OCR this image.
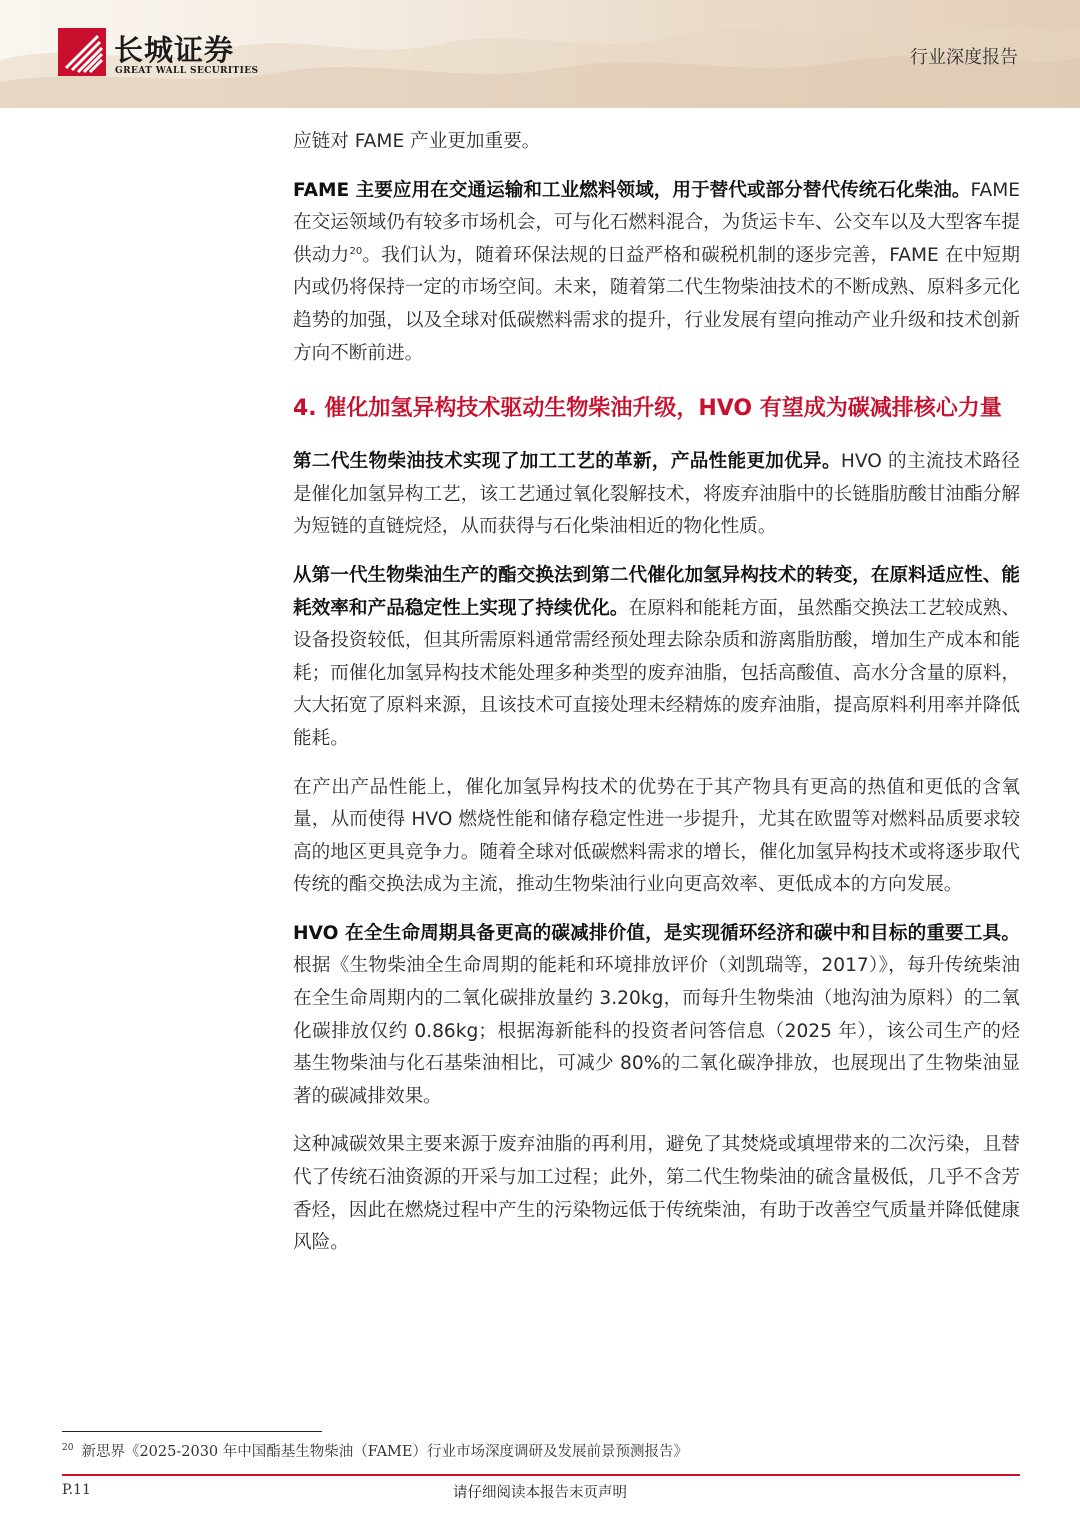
长城证券
GREAT WALL SECURITIES
行业深度报告

应链对 FAME 产业更加重要。

FAME 主要应用在交通运输和工业燃料领域，用于替代或部分替代传统石化柴油。FAME 在交运领域仍有较多市场机会，可与化石燃料混合，为货运卡车、公交车以及大型客车提供动力$^{20}$。我们认为，随着环保法规的日益严格和碳税机制的逐步完善，FAME 在中短期内或仍将保持一定的市场空间。未来，随着第二代生物柴油技术的不断成熟、原料多元化趋势的加强，以及全球对低碳燃料需求的提升，行业发展有望向推动产业升级和技术创新方向不断前进。

4. 催化加氢异构技术驱动生物柴油升级，HVO 有望成为碳减排核心力量

第二代生物柴油技术实现了加工工艺的革新，产品性能更加优异。HVO 的主流技术路径是催化加氢异构工艺，该工艺通过氧化裂解技术，将废弃油脂中的长链脂肪酸甘油酯分解为短链的直链烷烃，从而获得与石化柴油相近的物化性质。

从第一代生物柴油生产的酯交换法到第二代催化加氢异构技术的转变，在原料适应性、能耗效率和产品稳定性上实现了持续优化。在原料和能耗方面，虽然酯交换法工艺较成熟、设备投资较低，但其所需原料通常需经预处理去除杂质和游离脂肪酸，增加生产成本和能耗；而催化加氢异构技术能处理多种类型的废弃油脂，包括高酸值、高水分含量的原料，大大拓宽了原料来源，且该技术可直接处理未经精炼的废弃油脂，提高原料利用率并降低能耗。

在产出产品性能上，催化加氢异构技术的优势在于其产物具有更高的热值和更低的含氧量，从而使得 HVO 燃烧性能和储存稳定性进一步提升，尤其在欧盟等对燃料品质要求较高的地区更具竞争力。随着全球对低碳燃料需求的增长，催化加氢异构技术或将逐步取代传统的酯交换法成为主流，推动生物柴油行业向更高效率、更低成本的方向发展。

HVO 在全生命周期具备更高的碳减排价值，是实现循环经济和碳中和目标的重要工具。根据《生物柴油全生命周期的能耗和环境排放评价（刘凯瑞等，2017）》，每升传统柴油在全生命周期内的二氧化碳排放量约 3.20kg，而每升生物柴油（地沟油为原料）的二氧化碳排放仅约 0.86kg；根据海新能科的投资者问答信息（2025 年），该公司生产的烃基生物柴油与化石基柴油相比，可减少 80%的二氧化碳净排放，也展现出了生物柴油显著的碳减排效果。

这种减碳效果主要来源于废弃油脂的再利用，避免了其焚烧或填埋带来的二次污染，且替代了传统石油资源的开采与加工过程；此外，第二代生物柴油的硫含量极低，几乎不含芳香烃，因此在燃烧过程中产生的污染物远低于传统柴油，有助于改善空气质量并降低健康风险。

$^{20}$ 新思界《2025-2030 年中国酯基生物柴油（FAME）行业市场深度调研及发展前景预测报告》
P.11	请仔细阅读本报告末页声明
